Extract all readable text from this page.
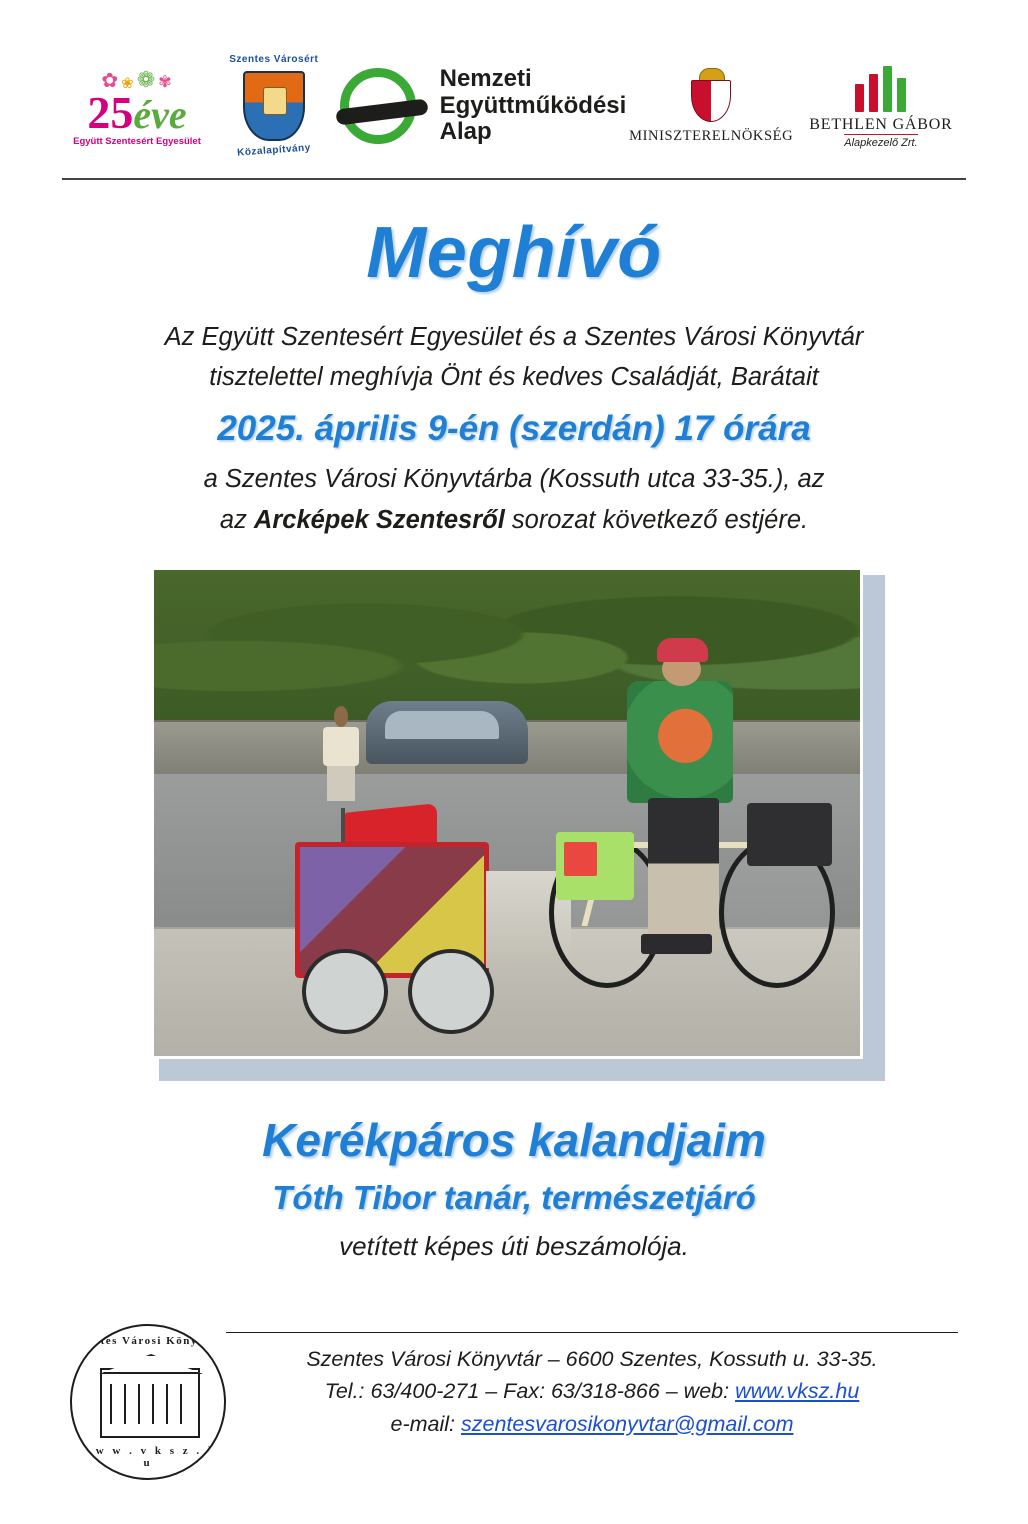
✿ ❀ ❁ ✾
25éve
Együtt Szentesért Egyesület
Szentes Városért
Közalapítvány
Nemzeti
Együttműködési
Alap	MINISZTERELNÖKSÉG
BETHLEN GÁBOR
Alapkezelő Zrt.
Meghívó
Az Együtt Szentesért Egyesület és a Szentes Városi Könyvtár
tisztelettel meghívja Önt és kedves Családját, Barátait
2025. április 9-én (szerdán) 17 órára
a Szentes Városi Könyvtárba (Kossuth utca 33-35.), az
az Arcképek Szentesről sorozat következő estjére.
Kerékpáros kalandjaim
Tóth Tibor tanár, természetjáró
vetített képes úti beszámolója.
Szentes Városi Könyvtár
w w w . v k s z . h u
Szentes Városi Könyvtár – 6600 Szentes, Kossuth u. 33-35.
Tel.: 63/400-271 – Fax: 63/318-866 – web: www.vksz.hu
e-mail: szentesvarosikonyvtar@gmail.com
